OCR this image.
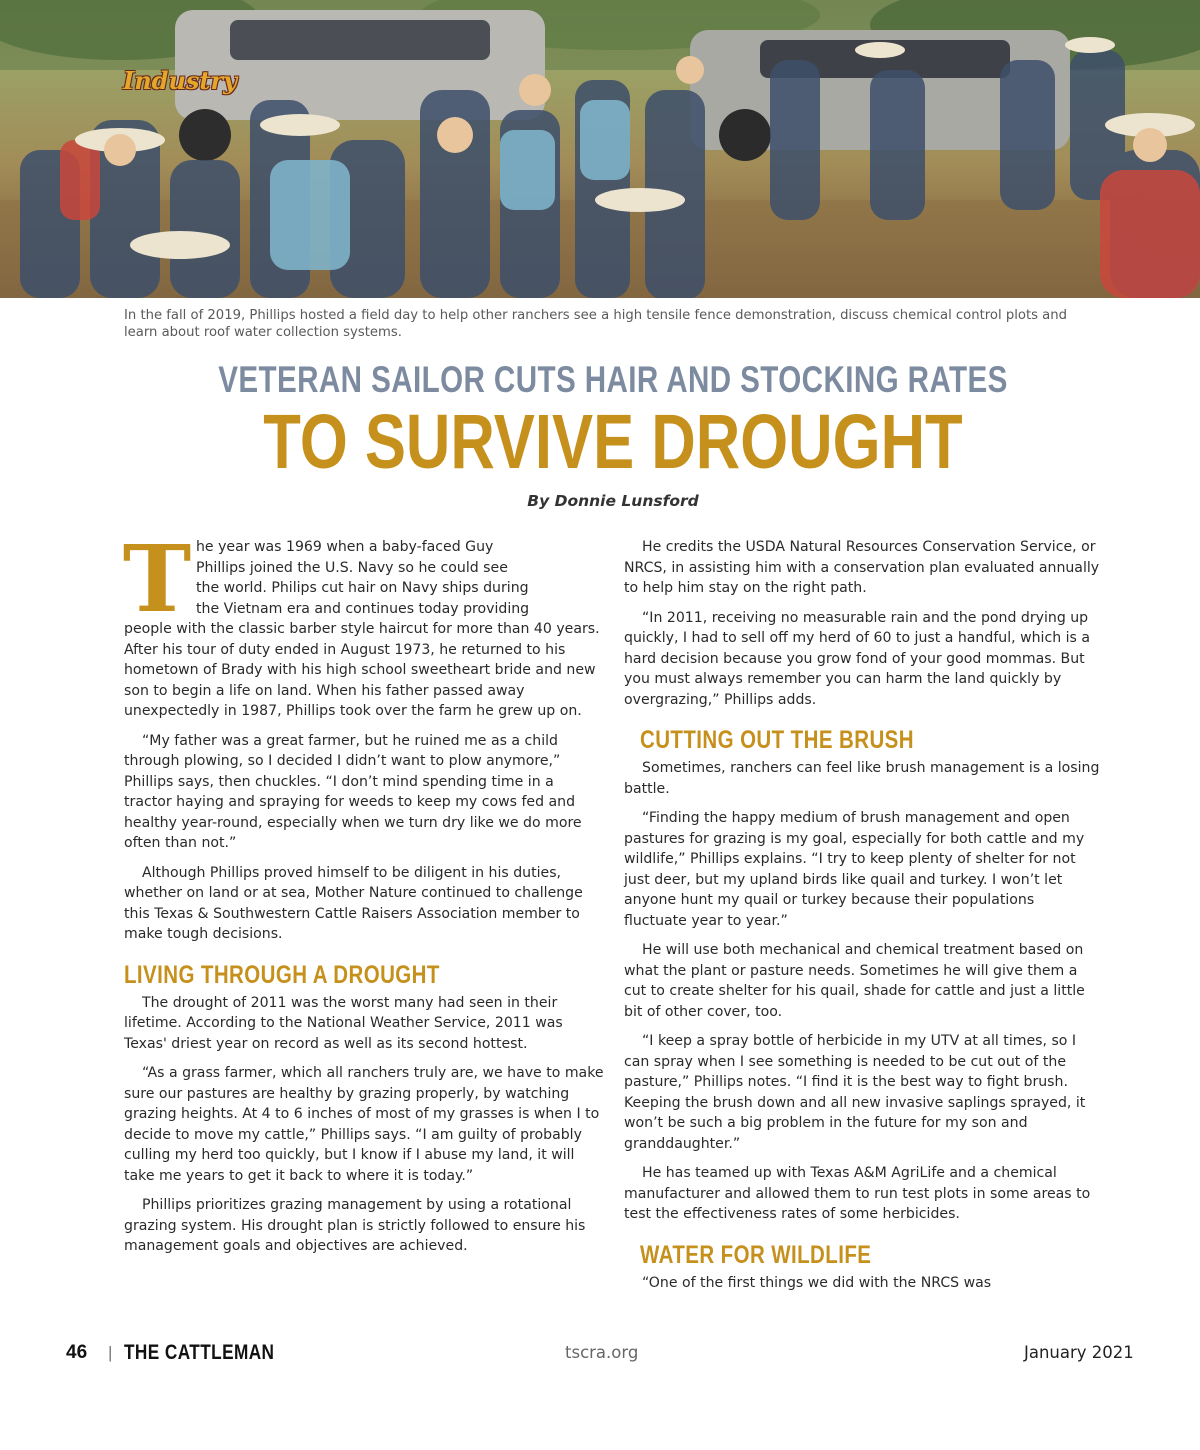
Industry

In the fall of 2019, Phillips hosted a field day to help other ranchers see a high tensile fence demonstration, discuss chemical control plots and learn about roof water collection systems.

VETERAN SAILOR CUTS HAIR AND STOCKING RATES
TO SURVIVE DROUGHT
By Donnie Lunsford
T he year was 1969 when a baby-faced Guy
Phillips joined the U.S. Navy so he could see
the world. Philips cut hair on Navy ships during
the Vietnam era and continues today providing
people with the classic barber style haircut for more than 40 years. After his tour of duty ended in August 1973, he returned to his hometown of Brady with his high school sweetheart bride and new son to begin a life on land. When his father passed away unexpectedly in 1987, Phillips took over the farm he grew up on.

“My father was a great farmer, but he ruined me as a child through plowing, so I decided I didn’t want to plow anymore,” Phillips says, then chuckles. “I don’t mind spending time in a tractor haying and spraying for weeds to keep my cows fed and healthy year-round, especially when we turn dry like we do more often than not.”

Although Phillips proved himself to be diligent in his duties, whether on land or at sea, Mother Nature continued to challenge this Texas & Southwestern Cattle Raisers Association member to make tough decisions.

LIVING THROUGH A DROUGHT

The drought of 2011 was the worst many had seen in their lifetime. According to the National Weather Service, 2011 was Texas' driest year on record as well as its second hottest.

“As a grass farmer, which all ranchers truly are, we have to make sure our pastures are healthy by grazing properly, by watching grazing heights. At 4 to 6 inches of most of my grasses is when I to decide to move my cattle,” Phillips says. “I am guilty of probably culling my herd too quickly, but I know if I abuse my land, it will take me years to get it back to where it is today.”

Phillips prioritizes grazing management by using a rotational grazing system. His drought plan is strictly followed to ensure his management goals and objectives are achieved.

He credits the USDA Natural Resources Conservation Service, or NRCS, in assisting him with a conservation plan evaluated annually to help him stay on the right path.

“In 2011, receiving no measurable rain and the pond drying up quickly, I had to sell off my herd of 60 to just a handful, which is a hard decision because you grow fond of your good mommas. But you must always remember you can harm the land quickly by overgrazing,” Phillips adds.

CUTTING OUT THE BRUSH

Sometimes, ranchers can feel like brush management is a losing battle.

“Finding the happy medium of brush management and open pastures for grazing is my goal, especially for both cattle and my wildlife,” Phillips explains. “I try to keep plenty of shelter for not just deer, but my upland birds like quail and turkey. I won’t let anyone hunt my quail or turkey because their populations fluctuate year to year.”

He will use both mechanical and chemical treatment based on what the plant or pasture needs. Sometimes he will give them a cut to create shelter for his quail, shade for cattle and just a little bit of other cover, too.

“I keep a spray bottle of herbicide in my UTV at all times, so I can spray when I see something is needed to be cut out of the pasture,” Phillips notes. “I find it is the best way to fight brush. Keeping the brush down and all new invasive saplings sprayed, it won’t be such a big problem in the future for my son and granddaughter.”

He has teamed up with Texas A&M AgriLife and a chemical manufacturer and allowed them to run test plots in some areas to test the effectiveness rates of some herbicides.

WATER FOR WILDLIFE

“One of the first things we did with the NRCS was

46 | THE CATTLEMAN	tscra.org	January 2021
